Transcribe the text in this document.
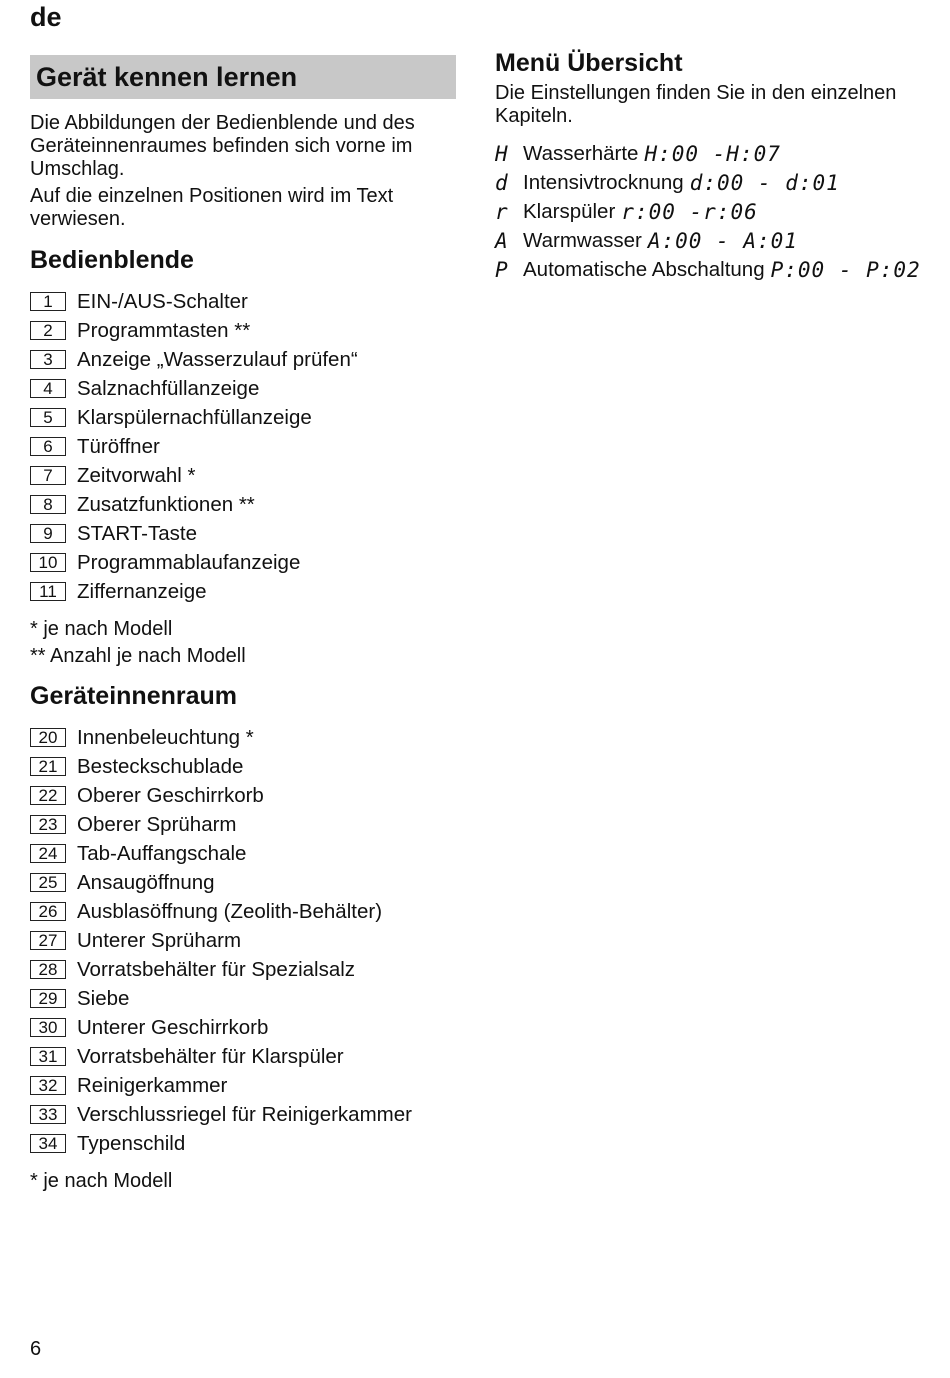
de
Gerät kennen lernen

Die Abbildungen der Bedienblende und des Geräteinnenraumes befinden sich vorne im Umschlag.

Auf die einzelnen Positionen wird im Text verwiesen.

Bedienblende
1	EIN-/AUS-Schalter
2	Programmtasten **
3	Anzeige „Wasserzulauf prüfen“
4	Salznachfüllanzeige
5	Klarspülernachfüllanzeige
6	Türöffner
7	Zeitvorwahl *
8	Zusatzfunktionen **
9	START-Taste
10 Programmablaufanzeige
11 Ziffernanzeige
* je nach Modell
** Anzahl je nach Modell
Geräteinnenraum
20 Innenbeleuchtung *
21 Besteckschublade
22 Oberer Geschirrkorb
23 Oberer Sprüharm
24 Tab-Auffangschale
25 Ansaugöffnung
26 Ausblasöffnung (Zeolith-Behälter)
27 Unterer Sprüharm
28 Vorratsbehälter für Spezialsalz
29 Siebe
30 Unterer Geschirrkorb
31 Vorratsbehälter für Klarspüler
32 Reinigerkammer
33 Verschlussriegel für Reinigerkammer
34 Typenschild
* je nach Modell
Menü Übersicht

Die Einstellungen finden Sie in den einzelnen Kapiteln.

H Wasserhärte H:00 -H:07
d Intensivtrocknung d:00 - d:01
r Klarspüler r:00 -r:06
A Warmwasser A:00 - A:01
P Automatische Abschaltung P:00 - P:02
6
